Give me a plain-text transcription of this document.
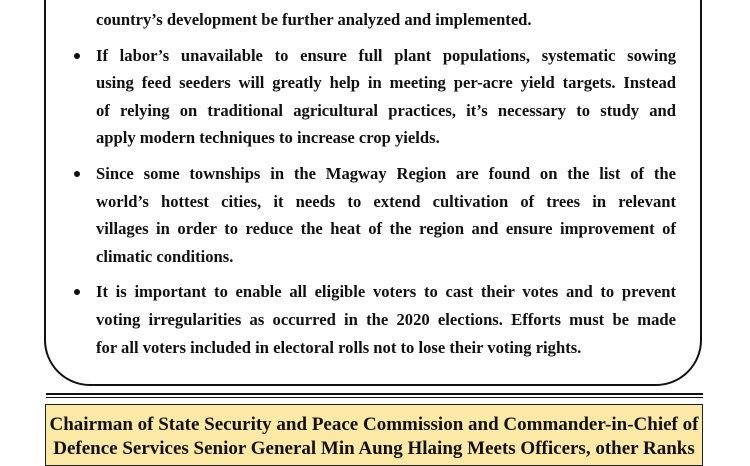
country’s development be further analyzed and implemented.
If labor’s unavailable to ensure full plant populations, systematic sowing
using feed seeders will greatly help in meeting per-acre yield targets. Instead
of relying on traditional agricultural practices, it’s necessary to study and
apply modern techniques to increase crop yields.
Since some townships in the Magway Region are found on the list of the
world’s hottest cities, it needs to extend cultivation of trees in relevant
villages in order to reduce the heat of the region and ensure improvement of
climatic conditions.
It is important to enable all eligible voters to cast their votes and to prevent
voting irregularities as occurred in the 2020 elections. Efforts must be made
for all voters included in electoral rolls not to lose their voting rights.
Chairman of State Security and Peace Commission and Commander-in-Chief of
Defence Services Senior General Min Aung Hlaing Meets Officers, other Ranks
